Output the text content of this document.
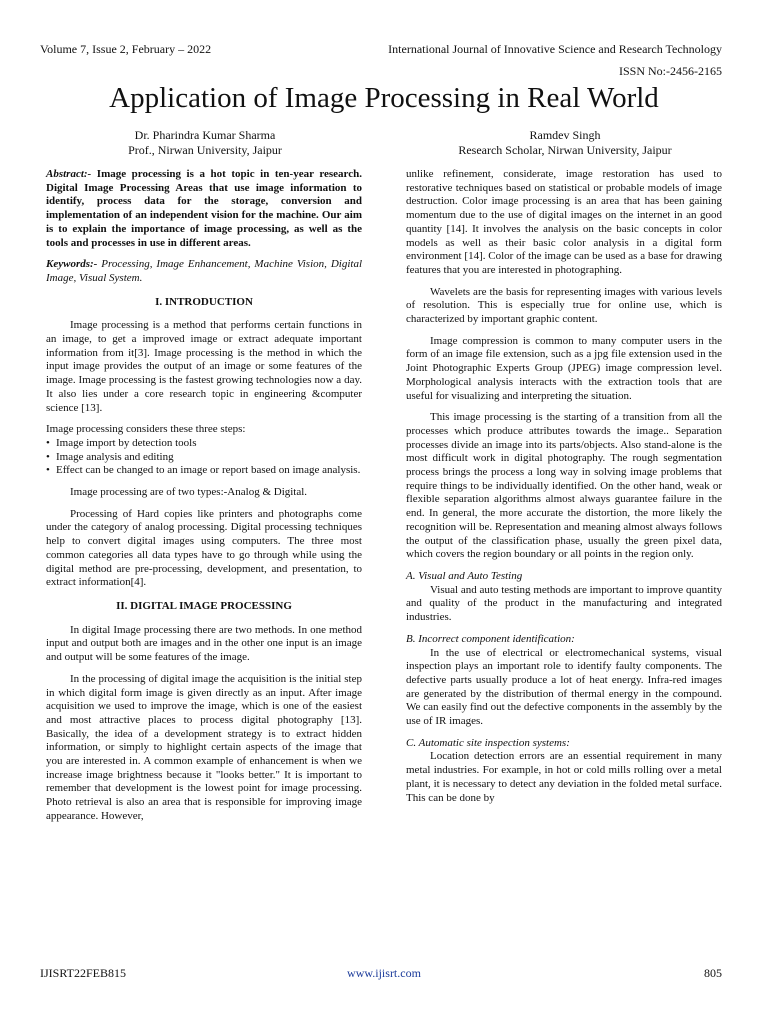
Volume 7, Issue 2, February – 2022	International Journal of Innovative Science and Research Technology
ISSN No:-2456-2165
Application of Image Processing in Real World
Dr. Pharindra Kumar Sharma
Prof., Nirwan University, Jaipur
Ramdev Singh
Research Scholar, Nirwan University, Jaipur

Abstract:- Image processing is a hot topic in ten-year research. Digital Image Processing Areas that use image information to identify, process data for the storage, conversion and implementation of an independent vision for the machine. Our aim is to explain the importance of image processing, as well as the tools and processes in use in different areas.

Keywords:- Processing, Image Enhancement, Machine Vision, Digital Image, Visual System.

I. INTRODUCTION

Image processing is a method that performs certain functions in an image, to get a improved image or extract adequate important information from it[3]. Image processing is the method in which the input image provides the output of an image or some features of the image. Image processing is the fastest growing technologies now a day. It also lies under a core research topic in engineering &computer science [13].

Image processing considers these three steps:

• Image import by detection tools
• Image analysis and editing
• Effect can be changed to an image or report based on image analysis.

Image processing are of two types:-Analog & Digital.

Processing of Hard copies like printers and photographs come under the category of analog processing. Digital processing techniques help to convert digital images using computers. The three most common categories all data types have to go through while using the digital method are pre-processing, development, and presentation, to extract information[4].

II. DIGITAL IMAGE PROCESSING

In digital Image processing there are two methods. In one method input and output both are images and in the other one input is an image and output will be some features of the image.

In the processing of digital image the acquisition is the initial step in which digital form image is given directly as an input. After image acquisition we used to improve the image, which is one of the easiest and most attractive places to process digital photography [13]. Basically, the idea of a development strategy is to extract hidden information, or simply to highlight certain aspects of the image that you are interested in. A common example of enhancement is when we increase image brightness because it "looks better." It is important to remember that development is the lowest point for image processing. Photo retrieval is also an area that is responsible for improving image appearance. However,

unlike refinement, considerate, image restoration has used to restorative techniques based on statistical or probable models of image destruction. Color image processing is an area that has been gaining momentum due to the use of digital images on the internet in an good quantity [14]. It involves the analysis on the basic concepts in color models as well as their basic color analysis in a digital form environment [14]. Color of the image can be used as a base for drawing features that you are interested in photographing.

Wavelets are the basis for representing images with various levels of resolution. This is especially true for online use, which is characterized by important graphic content.

Image compression is common to many computer users in the form of an image file extension, such as a jpg file extension used in the Joint Photographic Experts Group (JPEG) image compression level. Morphological analysis interacts with the extraction tools that are useful for visualizing and interpreting the situation.

This image processing is the starting of a transition from all the processes which produce attributes towards the image.. Separation processes divide an image into its parts/objects. Also stand-alone is the most difficult work in digital photography. The rough segmentation process brings the process a long way in solving image problems that require things to be individually identified. On the other hand, weak or flexible separation algorithms almost always guarantee failure in the end. In general, the more accurate the distortion, the more likely the recognition will be. Representation and meaning almost always follows the output of the classification phase, usually the green pixel data, which covers the region boundary or all points in the region only.

A. Visual and Auto Testing

Visual and auto testing methods are important to improve quantity and quality of the product in the manufacturing and integrated industries.

B. Incorrect component identification:

In the use of electrical or electromechanical systems, visual inspection plays an important role to identify faulty components. The defective parts usually produce a lot of heat energy. Infra-red images are generated by the distribution of thermal energy in the compound. We can easily find out the defective components in the assembly by the use of IR images.

C. Automatic site inspection systems:

Location detection errors are an essential requirement in many metal industries. For example, in hot or cold mills rolling over a metal plant, it is necessary to detect any deviation in the folded metal surface. This can be done by

IJISRT22FEB815	www.ijisrt.com	805
